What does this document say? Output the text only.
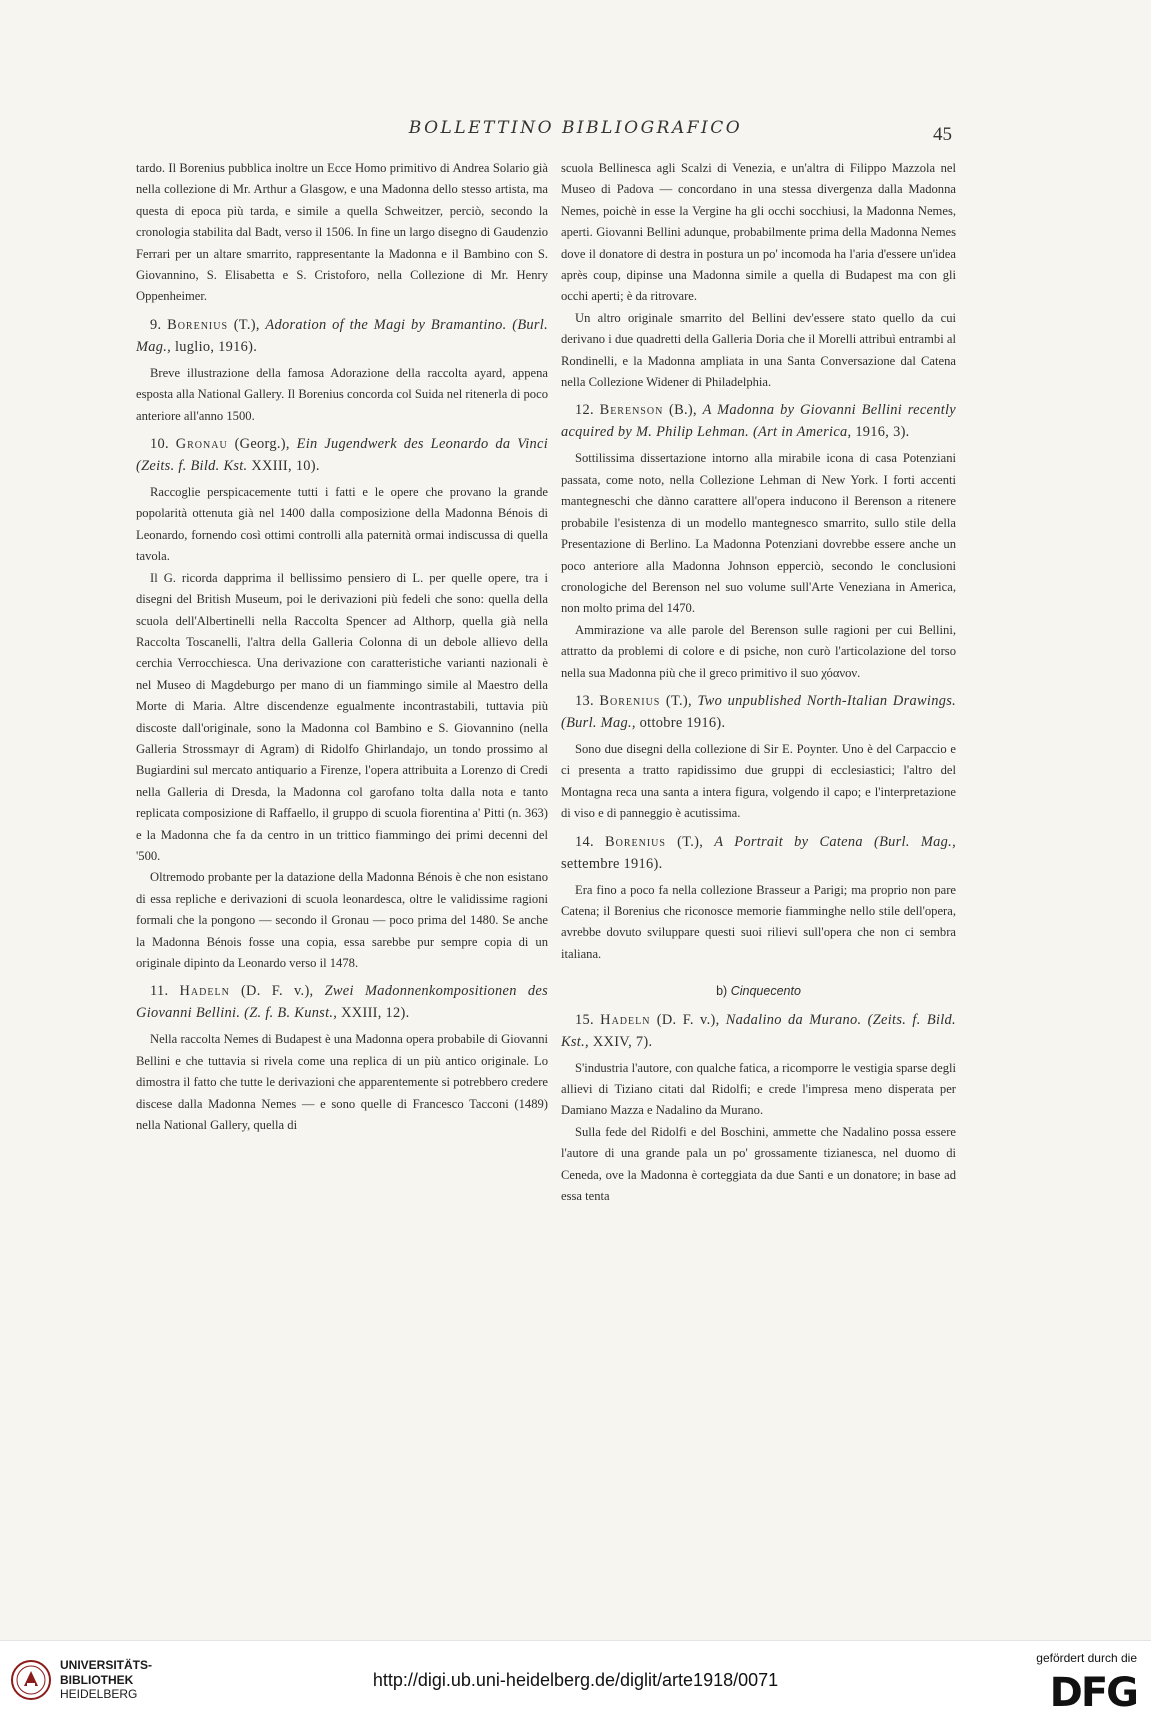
BOLLETTINO BIBLIOGRAFICO	45

tardo. Il Borenius pubblica inoltre un Ecce Homo primitivo di Andrea Solario già nella collezione di Mr. Arthur a Glasgow, e una Madonna dello stesso artista, ma questa di epoca più tarda, e simile a quella Schweitzer, perciò, secondo la cronologia stabilita dal Badt, verso il 1506. In fine un largo disegno di Gaudenzio Ferrari per un altare smarrito, rappresentante la Madonna e il Bambino con S. Giovannino, S. Elisabetta e S. Cristoforo, nella Collezione di Mr. Henry Oppenheimer.

9. Borenius (T.), Adoration of the Magi by Bramantino. (Burl. Mag., luglio, 1916).

Breve illustrazione della famosa Adorazione della raccolta ayard, appena esposta alla National Gallery. Il Borenius concorda col Suida nel ritenerla di poco anteriore all'anno 1500.

10. Gronau (Georg.), Ein Jugendwerk des Leonardo da Vinci (Zeits. f. Bild. Kst. XXIII, 10).

Raccoglie perspicacemente tutti i fatti e le opere che provano la grande popolarità ottenuta già nel 1400 dalla composizione della Madonna Bénois di Leonardo, fornendo così ottimi controlli alla paternità ormai indiscussa di quella tavola.

Il G. ricorda dapprima il bellissimo pensiero di L. per quelle opere, tra i disegni del British Museum, poi le derivazioni più fedeli che sono: quella della scuola dell'Albertinelli nella Raccolta Spencer ad Althorp, quella già nella Raccolta Toscanelli, l'altra della Galleria Colonna di un debole allievo della cerchia Verrocchiesca. Una derivazione con caratteristiche varianti nazionali è nel Museo di Magdeburgo per mano di un fiammingo simile al Maestro della Morte di Maria. Altre discendenze egualmente incontrastabili, tuttavia più discoste dall'originale, sono la Madonna col Bambino e S. Giovannino (nella Galleria Strossmayr di Agram) di Ridolfo Ghirlandajo, un tondo prossimo al Bugiardini sul mercato antiquario a Firenze, l'opera attribuita a Lorenzo di Credi nella Galleria di Dresda, la Madonna col garofano tolta dalla nota e tanto replicata composizione di Raffaello, il gruppo di scuola fiorentina a' Pitti (n. 363) e la Madonna che fa da centro in un trittico fiammingo dei primi decenni del '500.

Oltremodo probante per la datazione della Madonna Bénois è che non esistano di essa repliche e derivazioni di scuola leonardesca, oltre le validissime ragioni formali che la pongono — secondo il Gronau — poco prima del 1480. Se anche la Madonna Bénois fosse una copia, essa sarebbe pur sempre copia di un originale dipinto da Leonardo verso il 1478.

11. Hadeln (D. F. v.), Zwei Madonnenkompositionen des Giovanni Bellini. (Z. f. B. Kunst., XXIII, 12).

Nella raccolta Nemes di Budapest è una Madonna opera probabile di Giovanni Bellini e che tuttavia si rivela come una replica di un più antico originale. Lo dimostra il fatto che tutte le derivazioni che apparentemente si potrebbero credere discese dalla Madonna Nemes — e sono quelle di Francesco Tacconi (1489) nella National Gallery, quella di

scuola Bellinesca agli Scalzi di Venezia, e un'altra di Filippo Mazzola nel Museo di Padova — concordano in una stessa divergenza dalla Madonna Nemes, poichè in esse la Vergine ha gli occhi socchiusi, la Madonna Nemes, aperti. Giovanni Bellini adunque, probabilmente prima della Madonna Nemes dove il donatore di destra in postura un po' incomoda ha l'aria d'essere un'idea après coup, dipinse una Madonna simile a quella di Budapest ma con gli occhi aperti; è da ritrovare.

Un altro originale smarrito del Bellini dev'essere stato quello da cui derivano i due quadretti della Galleria Doria che il Morelli attribuì entrambi al Rondinelli, e la Madonna ampliata in una Santa Conversazione dal Catena nella Collezione Widener di Philadelphia.

12. Berenson (B.), A Madonna by Giovanni Bellini recently acquired by M. Philip Lehman. (Art in America, 1916, 3).

Sottilissima dissertazione intorno alla mirabile icona di casa Potenziani passata, come noto, nella Collezione Lehman di New York. I forti accenti mantegneschi che dànno carattere all'opera inducono il Berenson a ritenere probabile l'esistenza di un modello mantegnesco smarrito, sullo stile della Presentazione di Berlino. La Madonna Potenziani dovrebbe essere anche un poco anteriore alla Madonna Johnson epperciò, secondo le conclusioni cronologiche del Berenson nel suo volume sull'Arte Veneziana in America, non molto prima del 1470.

Ammirazione va alle parole del Berenson sulle ragioni per cui Bellini, attratto da problemi di colore e di psiche, non curò l'articolazione del torso nella sua Madonna più che il greco primitivo il suo χόανον.

13. Borenius (T.), Two unpublished North-Italian Drawings. (Burl. Mag., ottobre 1916).

Sono due disegni della collezione di Sir E. Poynter. Uno è del Carpaccio e ci presenta a tratto rapidissimo due gruppi di ecclesiastici; l'altro del Montagna reca una santa a intera figura, volgendo il capo; e l'interpretazione di viso e di panneggio è acutissima.

14. Borenius (T.), A Portrait by Catena (Burl. Mag., settembre 1916).

Era fino a poco fa nella collezione Brasseur a Parigi; ma proprio non pare Catena; il Borenius che riconosce memorie fiamminghe nello stile dell'opera, avrebbe dovuto sviluppare questi suoi rilievi sull'opera che non ci sembra italiana.

b) Cinquecento
15. Hadeln (D. F. v.), Nadalino da Murano. (Zeits. f. Bild. Kst., XXIV, 7).

S'industria l'autore, con qualche fatica, a ricomporre le vestigia sparse degli allievi di Tiziano citati dal Ridolfi; e crede l'impresa meno disperata per Damiano Mazza e Nadalino da Murano.

Sulla fede del Ridolfi e del Boschini, ammette che Nadalino possa essere l'autore di una grande pala un po' grossamente tizianesca, nel duomo di Ceneda, ove la Madonna è corteggiata da due Santi e un donatore; in base ad essa tenta

UNIVERSITÄTS-
BIBLIOTHEK
HEIDELBERG
http://digi.ub.uni-heidelberg.de/diglit/arte1918/0071
gefördert durch die
DFG
